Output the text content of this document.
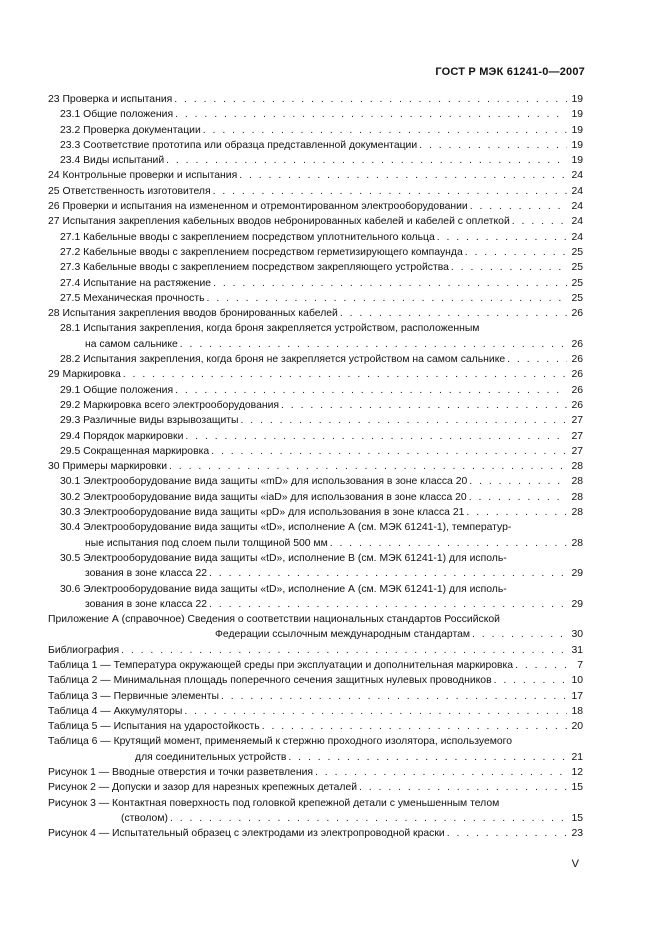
ГОСТ Р МЭК 61241-0—2007
23 Проверка и испытания . . .	19
23.1 Общие положения . . .	19
23.2 Проверка документации . . .	19
23.3 Соответствие прототипа или образца представленной документации . . .	19
23.4 Виды испытаний . . .	19
24 Контрольные проверки и испытания . . .	24
25 Ответственность изготовителя . . .	24
26 Проверки и испытания на измененном и отремонтированном электрооборудовании . . .	24
27 Испытания закрепления кабельных вводов небронированных кабелей и кабелей с оплеткой . . .	24
27.1 Кабельные вводы с закреплением посредством уплотнительного кольца . . .	24
27.2 Кабельные вводы с закреплением посредством герметизирующего компаунда . . .	25
27.3 Кабельные вводы с закреплением посредством закрепляющего устройства . . .	25
27.4 Испытание на растяжение . . .	25
27.5 Механическая прочность . . .	25
28 Испытания закрепления вводов бронированных кабелей . . .	26
28.1 Испытания закрепления, когда броня закрепляется устройством, расположенным
на самом сальнике . . .	26
28.2 Испытания закрепления, когда броня не закрепляется устройством на самом сальнике . . .	26
29 Маркировка . . .	26
29.1 Общие положения . . .	26
29.2 Маркировка всего электрооборудования . . .	26
29.3 Различные виды взрывозащиты . . .	27
29.4 Порядок маркировки . . .	27
29.5 Сокращенная маркировка . . .	27
30 Примеры маркировки . . .	28
30.1 Электрооборудование вида защиты «mD» для использования в зоне класса 20 . . .	28
30.2 Электрооборудование вида защиты «iaD» для использования в зоне класса 20 . . .	28
30.3 Электрооборудование вида защиты «pD» для использования в зоне класса 21 . . .	28
30.4 Электрооборудование вида защиты «tD», исполнение А (см. МЭК 61241-1), температур-
ные испытания под слоем пыли толщиной 500 мм . . .	28
30.5 Электрооборудование вида защиты «tD», исполнение В (см. МЭК 61241-1) для исполь-
зования в зоне класса 22 . . .	29
30.6 Электрооборудование вида защиты «tD», исполнение А (см. МЭК 61241-1) для исполь-
зования в зоне класса 22 . . .	29
Приложение А (справочное) Сведения о соответствии национальных стандартов Российской
Федерации ссылочным международным стандартам . . .	30
Библиография . . .	31
Таблица 1 — Температура окружающей среды при эксплуатации и дополнительная маркировка . . .	7
Таблица 2 — Минимальная площадь поперечного сечения защитных нулевых проводников . . .	10
Таблица 3 — Первичные элементы . . .	17
Таблица 4 — Аккумуляторы . . .	18
Таблица 5 — Испытания на ударостойкость . . .	20
Таблица 6 — Крутящий момент, применяемый к стержню проходного изолятора, используемого
для соединительных устройств . . .	21
Рисунок 1 — Вводные отверстия и точки разветвления . . .	12
Рисунок 2 — Допуски и зазор для нарезных крепежных деталей . . .	15
Рисунок 3 — Контактная поверхность под головкой крепежной детали с уменьшенным телом
(стволом) . . .	15
Рисунок 4 — Испытательный образец с электродами из электропроводной краски . . .	23
V
